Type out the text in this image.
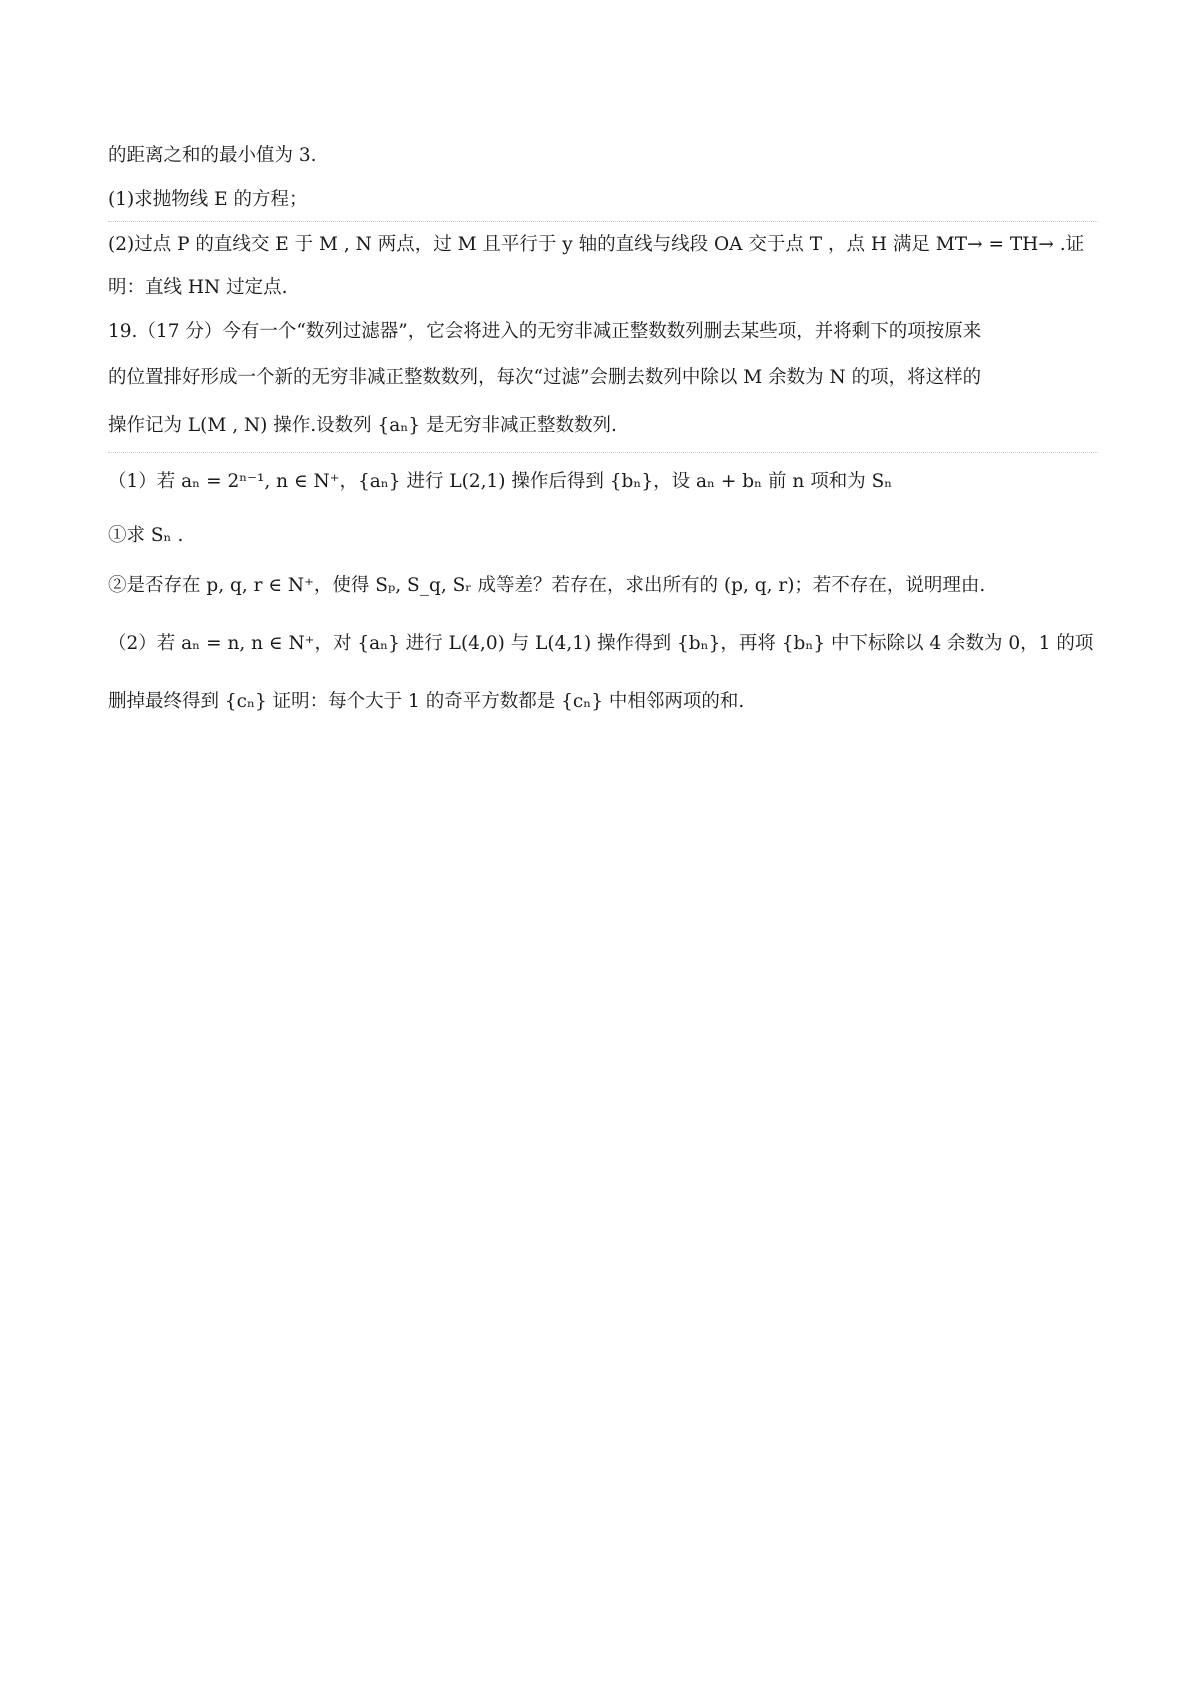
的距离之和的最小值为 3.
(1)求抛物线 E 的方程；
(2)过点 P 的直线交 E 于 M , N 两点，过 M 且平行于 y 轴的直线与线段 OA 交于点 T ，点 H 满足 MT→ = TH→ .证
明：直线 HN 过定点.
19.（17 分）今有一个“数列过滤器”，它会将进入的无穷非减正整数数列删去某些项，并将剩下的项按原来
的位置排好形成一个新的无穷非减正整数数列，每次“过滤”会删去数列中除以 M 余数为 N 的项，将这样的
操作记为 L(M , N) 操作.设数列 {aₙ} 是无穷非减正整数数列.
（1）若 aₙ = 2ⁿ⁻¹, n ∈ N⁺，{aₙ} 进行 L(2,1) 操作后得到 {bₙ}，设 aₙ + bₙ 前 n 项和为 Sₙ
①求 Sₙ .
②是否存在 p, q, r ∈ N⁺，使得 Sₚ, S_q, Sᵣ 成等差？若存在，求出所有的 (p, q, r)；若不存在，说明理由.
（2）若 aₙ = n, n ∈ N⁺，对 {aₙ} 进行 L(4,0) 与 L(4,1) 操作得到 {bₙ}，再将 {bₙ} 中下标除以 4 余数为 0，1 的项
删掉最终得到 {cₙ} 证明：每个大于 1 的奇平方数都是 {cₙ} 中相邻两项的和.
